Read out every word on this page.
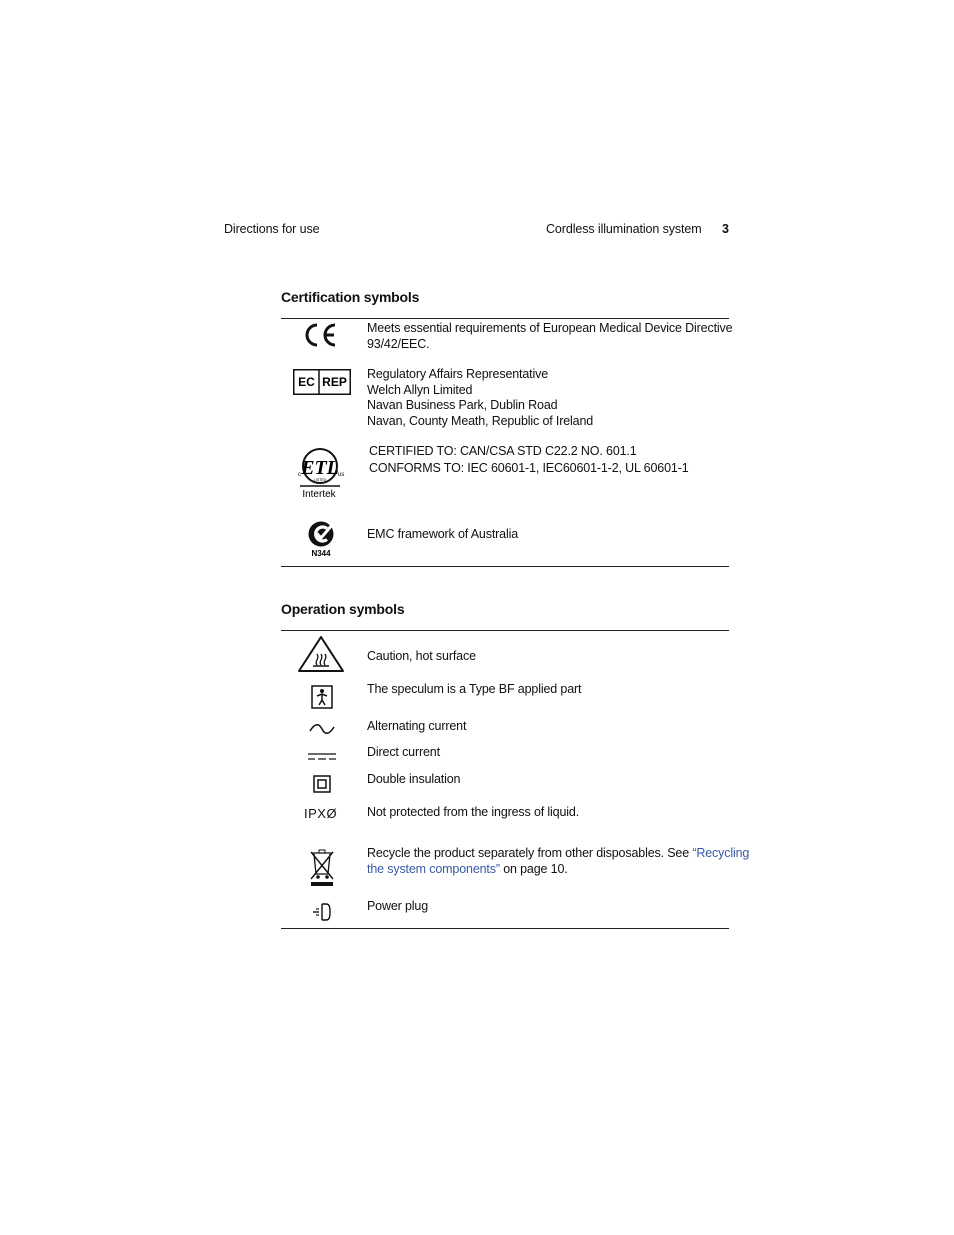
Directions for use	Cordless illumination system 3
Certification symbols
Meets essential requirements of European Medical Device Directive
93/42/EEC.
EC REP
Regulatory Affairs Representative
Welch Allyn Limited
Navan Business Park, Dublin Road
Navan, County Meath, Republic of Ireland
ETL
LISTED
c	us
Intertek
CERTIFIED TO: CAN/CSA STD C22.2 NO. 601.1
CONFORMS TO: IEC 60601-1, IEC60601-1-2, UL 60601-1
N344
EMC framework of Australia
Operation symbols
Caution, hot surface
The speculum is a Type BF applied part
Alternating current
Direct current
Double insulation
IPXØ Not protected from the ingress of liquid.
Recycle the product separately from other disposables. See “Recycling
the system components” on page 10.
Power plug
